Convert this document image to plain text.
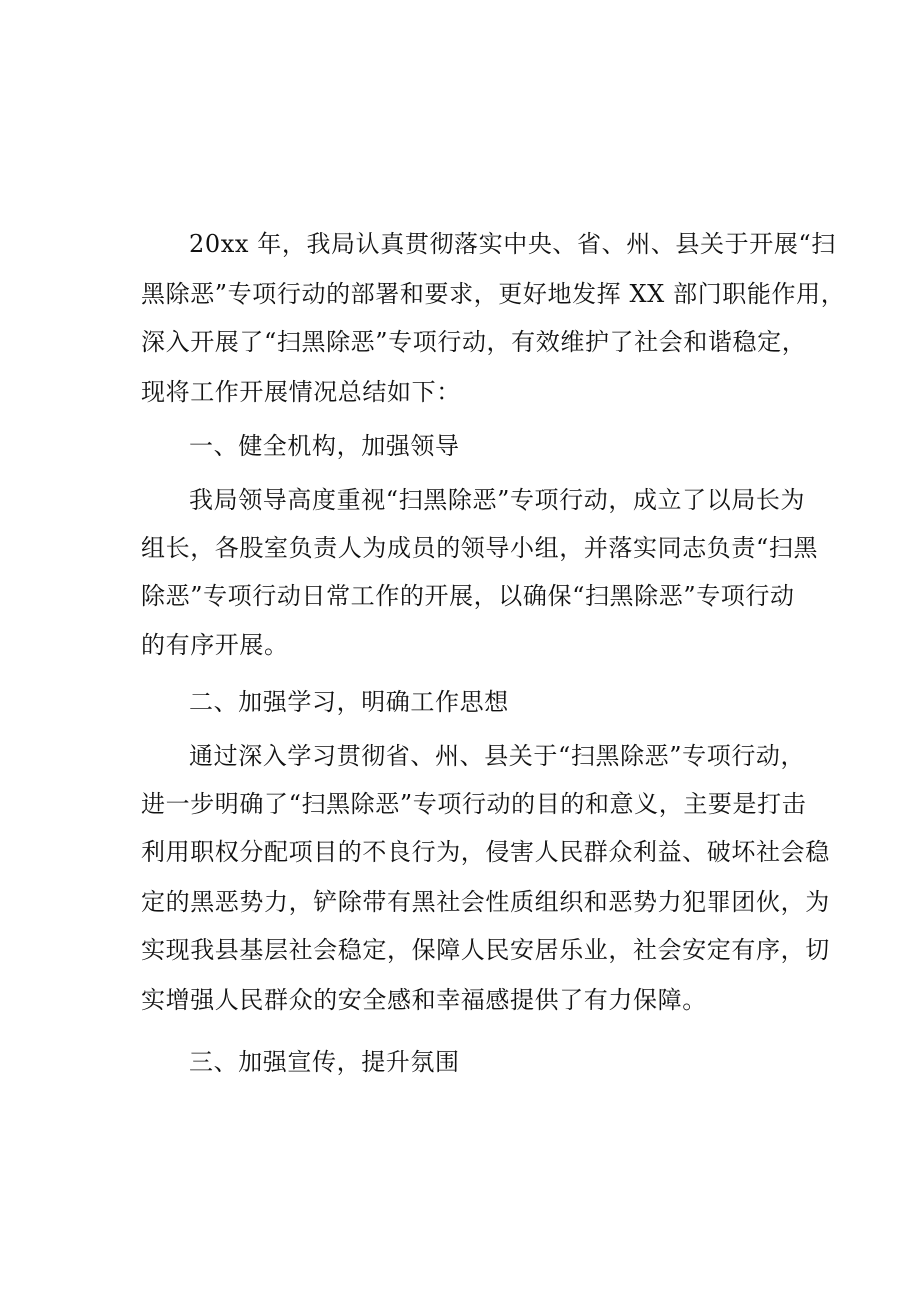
20xx 年，我局认真贯彻落实中央、省、州、县关于开展“扫
黑除恶”专项行动的部署和要求，更好地发挥 XX 部门职能作用，
深入开展了“扫黑除恶”专项行动，有效维护了社会和谐稳定，
现将工作开展情况总结如下：
一、健全机构，加强领导
我局领导高度重视“扫黑除恶”专项行动，成立了以局长为
组长，各股室负责人为成员的领导小组，并落实同志负责“扫黑
除恶”专项行动日常工作的开展，以确保“扫黑除恶”专项行动
的有序开展。
二、加强学习，明确工作思想
通过深入学习贯彻省、州、县关于“扫黑除恶”专项行动，
进一步明确了“扫黑除恶”专项行动的目的和意义，主要是打击
利用职权分配项目的不良行为，侵害人民群众利益、破坏社会稳
定的黑恶势力，铲除带有黑社会性质组织和恶势力犯罪团伙，为
实现我县基层社会稳定，保障人民安居乐业，社会安定有序，切
实增强人民群众的安全感和幸福感提供了有力保障。
三、加强宣传，提升氛围
